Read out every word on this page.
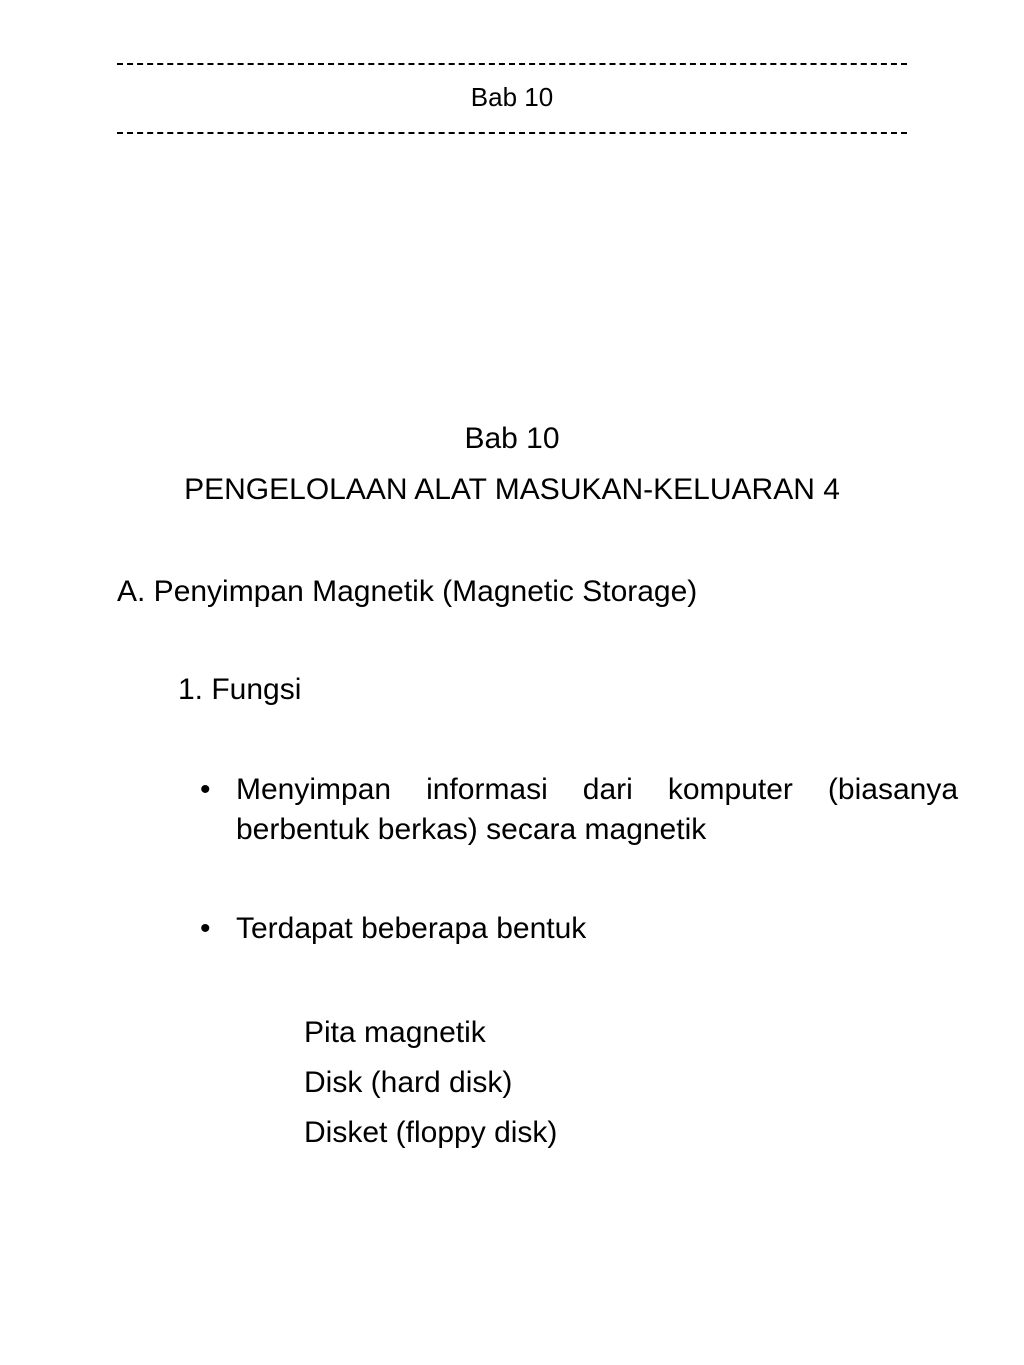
Bab 10
Bab 10
PENGELOLAAN ALAT MASUKAN-KELUARAN 4
A. Penyimpan Magnetik (Magnetic Storage)
1. Fungsi
• Menyimpan informasi dari komputer (biasanya berbentuk berkas) secara magnetik
• Terdapat beberapa bentuk
Pita magnetik
Disk (hard disk)
Disket (floppy disk)
